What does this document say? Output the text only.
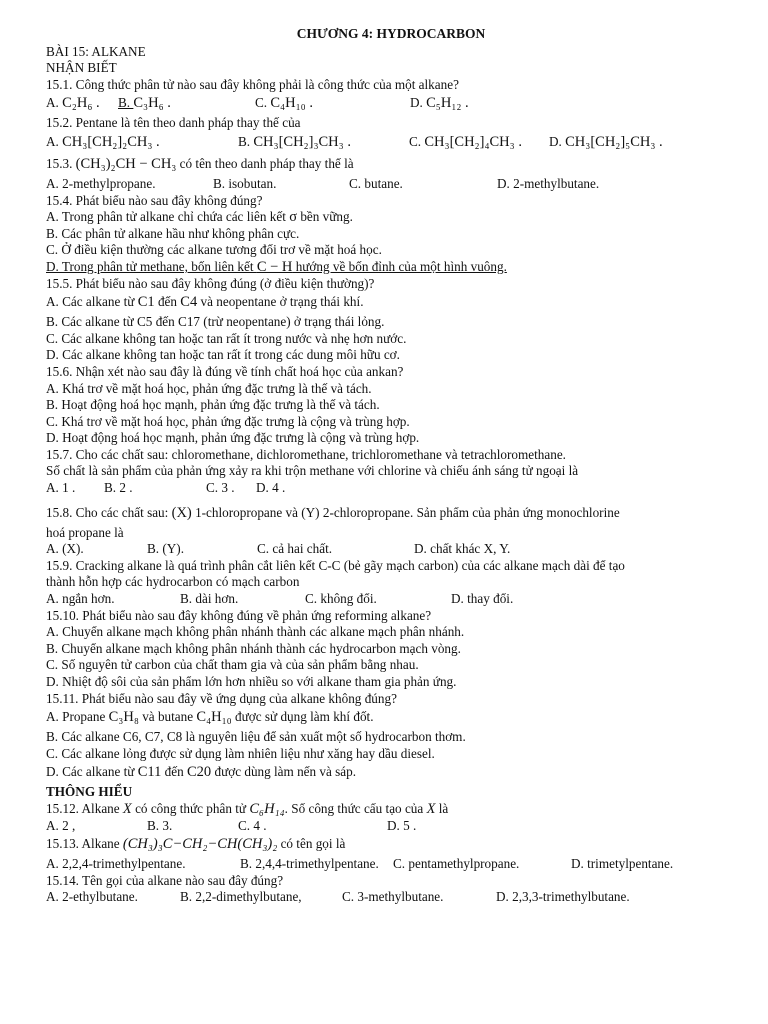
CHƯƠNG 4: HYDROCARBON
BÀI 15: ALKANE
NHẬN BIẾT
15.1. Công thức phân tử nào sau đây không phải là công thức của một alkane?
A. C₂H₆ .	B. C₃H₆ .	C. C₄H₁₀ .	D. C₅H₁₂ .
15.2. Pentane là tên theo danh pháp thay thế của
A. CH₃[CH₂]₂CH₃ .	B. CH₃[CH₂]₃CH₃ .	C. CH₃[CH₂]₄CH₃ .	D. CH₃[CH₂]₅CH₃ .
15.3. (CH₃)₂CH − CH₃ có tên theo danh pháp thay thế là
A. 2-methylpropane.	B. isobutan.	C. butane.	D. 2-methylbutane.
15.4. Phát biểu nào sau đây không đúng?
A. Trong phân tử alkane chỉ chứa các liên kết σ bền vững.
B. Các phân tử alkane hầu như không phân cực.
C. Ở điều kiện thường các alkane tương đối trơ về mặt hoá học.
D. Trong phân tử methane, bốn liên kết C − H hướng về bốn đỉnh của một hình vuông.
15.5. Phát biểu nào sau đây không đúng (ở điều kiện thường)?
A. Các alkane từ C1 đến C4 và neopentane ở trạng thái khí.
B. Các alkane từ C5 đến C17 (trừ neopentane) ở trạng thái lỏng.
C. Các alkane không tan hoặc tan rất ít trong nước và nhẹ hơn nước.
D. Các alkane không tan hoặc tan rất ít trong các dung môi hữu cơ.
15.6. Nhận xét nào sau đây là đúng về tính chất hoá học của ankan?
A. Khá trơ về mặt hoá học, phản ứng đặc trưng là thế và tách.
B. Hoạt động hoá học mạnh, phản ứng đặc trưng là thế và tách.
C. Khá trơ về mặt hoá học, phản ứng đặc trưng là cộng và trùng hợp.
D. Hoạt động hoá học mạnh, phản ứng đặc trưng là cộng và trùng hợp.
15.7. Cho các chất sau: chloromethane, dichloromethane, trichloromethane và tetrachloromethane.
Số chất là sản phẩm của phản ứng xảy ra khi trộn methane với chlorine và chiếu ánh sáng tử ngoại là
A. 1 .	B. 2 .	C. 3 .	D. 4 .
15.8. Cho các chất sau: (X) 1-chloropropane và (Y) 2-chloropropane. Sản phẩm của phản ứng monochlorine
hoá propane là
A. (X).	B. (Y).	C. cả hai chất.	D. chất khác X, Y.
15.9. Cracking alkane là quá trình phân cắt liên kết C-C (bẻ gãy mạch carbon) của các alkane mạch dài để tạo
thành hỗn hợp các hydrocarbon có mạch carbon
A. ngắn hơn.	B. dài hơn.	C. không đổi.	D. thay đổi.
15.10. Phát biểu nào sau đây không đúng về phản ứng reforming alkane?
A. Chuyển alkane mạch không phân nhánh thành các alkane mạch phân nhánh.
B. Chuyển alkane mạch không phân nhánh thành các hydrocarbon mạch vòng.
C. Số nguyên tử carbon của chất tham gia và của sản phẩm bằng nhau.
D. Nhiệt độ sôi của sản phẩm lớn hơn nhiều so với alkane tham gia phản ứng.
15.11. Phát biểu nào sau đây về ứng dụng của alkane không đúng?
A. Propane C₃H₈ và butane C₄H₁₀ được sử dụng làm khí đốt.
B. Các alkane C6, C7, C8 là nguyên liệu để sản xuất một số hydrocarbon thơm.
C. Các alkane lỏng được sử dụng làm nhiên liệu như xăng hay dầu diesel.
D. Các alkane từ C11 đến C20 được dùng làm nến và sáp.
THÔNG HIỂU
15.12. Alkane X có công thức phân tử C₆H₁₄. Số công thức cấu tạo của X là
A. 2 ,	B. 3.	C. 4 .	D. 5 .
15.13. Alkane (CH₃)₃C−CH₂−CH(CH₃)₂ có tên gọi là
A. 2,2,4-trimethylpentane.	B. 2,4,4-trimethylpentane.	C. pentamethylpropane.	D. trimetylpentane.
15.14. Tên gọi của alkane nào sau đây đúng?
A. 2-ethylbutane.	B. 2,2-dimethylbutane,	C. 3-methylbutane.	D. 2,3,3-trimethylbutane.
